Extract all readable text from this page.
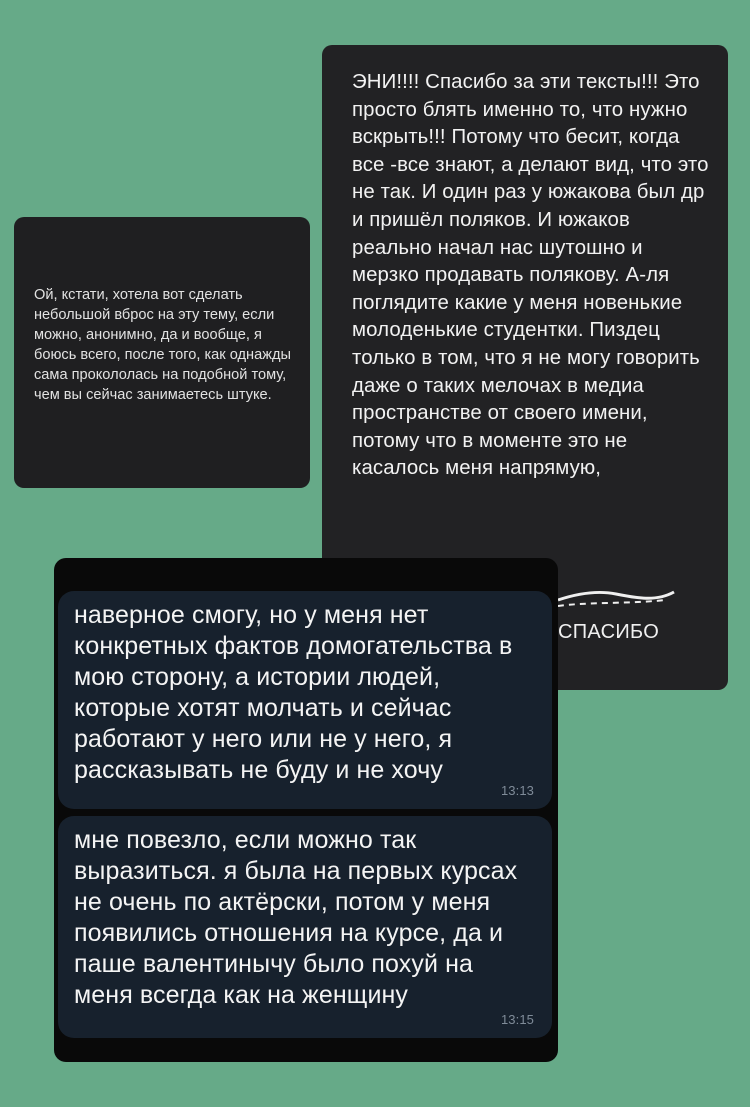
Ой, кстати, хотела вот сделать небольшой вброс на эту тему, если можно, анонимно, да и вообще, я боюсь всего, после того, как однажды сама прокололась на подобной тому, чем вы сейчас занимаетесь штуке.
ЭНИ!!!! Спасибо за эти тексты!!! Это просто блять именно то, что нужно вскрыть!!! Потому что бесит, когда все -все знают, а делают вид, что это не так. И один раз у южакова был др и пришёл поляков. И южаков реально начал нас шутошно и мерзко продавать полякову. А-ля поглядите какие у меня новенькие молоденькие студентки. Пиздец только в том, что я не могу говорить даже о таких мелочах в медиа пространстве от своего имени, потому что в моменте это не касалось меня напрямую,
СПАСИБО
наверное смогу, но у меня нет конкретных фактов домогательства в мою сторону, а истории людей, которые хотят молчать и сейчас работают у него или не у него, я рассказывать не буду и не хочу
13:13
мне повезло, если можно так выразиться. я была на первых курсах не очень по актёрски, потом у меня появились отношения на курсе, да и паше валентинычу было похуй на меня всегда как на женщину
13:15
